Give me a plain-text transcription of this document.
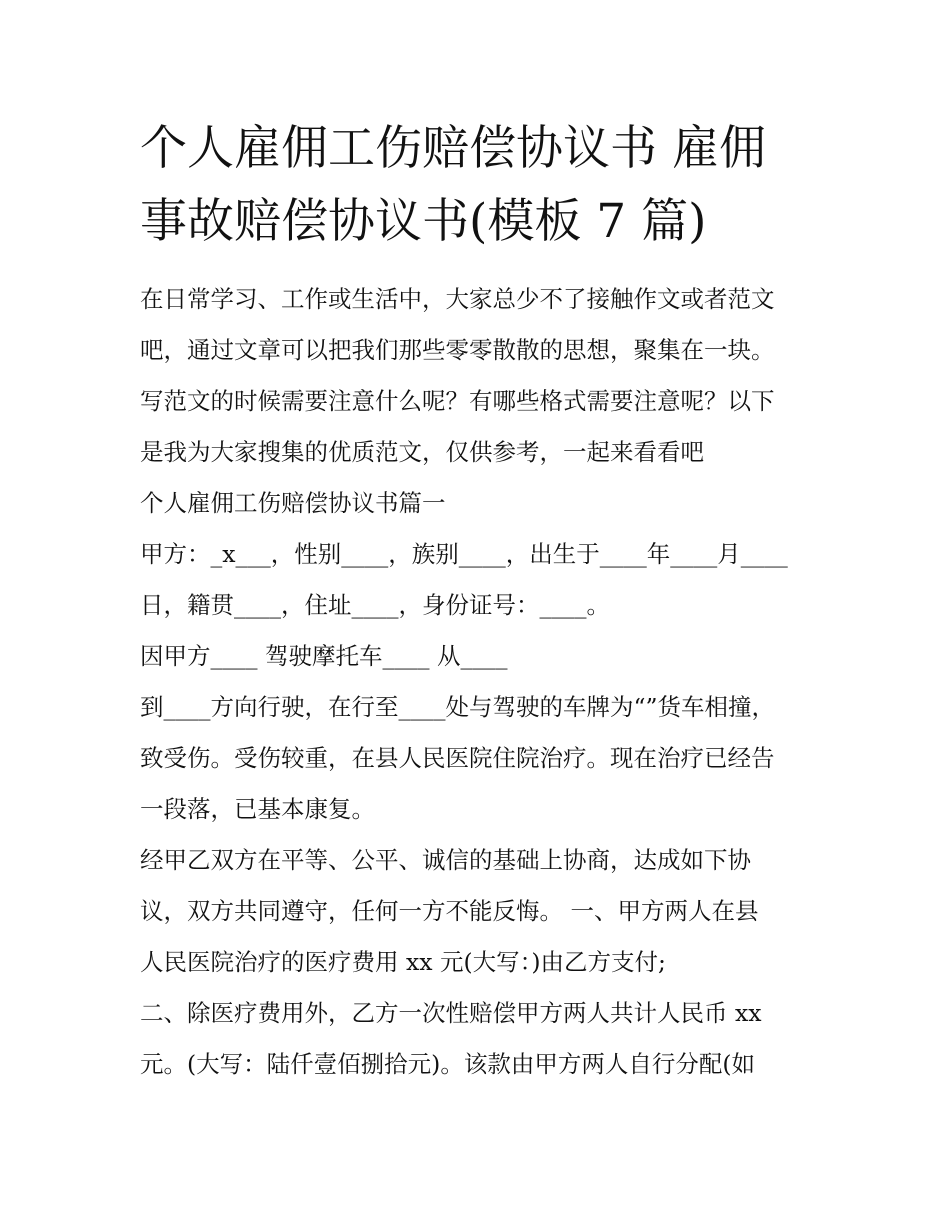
个人雇佣工伤赔偿协议书 雇佣
事故赔偿协议书(模板 7 篇)
在日常学习、工作或生活中，大家总少不了接触作文或者范文
吧，通过文章可以把我们那些零零散散的思想，聚集在一块。
写范文的时候需要注意什么呢？有哪些格式需要注意呢？以下
是我为大家搜集的优质范文，仅供参考，一起来看看吧
个人雇佣工伤赔偿协议书篇一
甲方：_x___，性别____，族别____，出生于____年____月____
日，籍贯____，住址____，身份证号：____。
因甲方____ 驾驶摩托车____ 从____
到____方向行驶，在行至____处与驾驶的车牌为“”货车相撞，
致受伤。受伤较重，在县人民医院住院治疗。现在治疗已经告
一段落，已基本康复。
经甲乙双方在平等、公平、诚信的基础上协商，达成如下协
议，双方共同遵守，任何一方不能反悔。 一、甲方两人在县
人民医院治疗的医疗费用 xx 元(大写：)由乙方支付;
二、除医疗费用外，乙方一次性赔偿甲方两人共计人民币 xx
元。(大写：陆仟壹佰捌拾元)。该款由甲方两人自行分配(如
